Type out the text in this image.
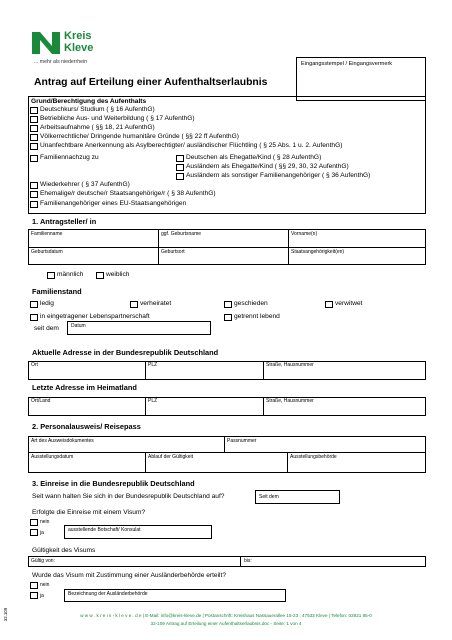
Kreis
Kleve
... mehr als niederrhein	Eingangsstempel / Eingangsvermerk
Antrag auf Erteilung einer Aufenthaltserlaubnis
Grund/Berechtigung des Aufenthalts
Deutschkurs/ Studium ( § 16 AufenthG)
Betriebliche Aus- und Weiterbildung ( § 17 AufenthG)
Arbeitsaufnahme ( §§ 18, 21 AufenthG)
Völkerrechtliche/ Dringende humanitäre Gründe ( §§ 22 ff AufenthG)
Unanfechtbare Anerkennung als Asylberechtigter/ ausländischer Flüchtling ( § 25 Abs. 1 u. 2. AufenthG)
Familiennachzug zu	Deutschen als Ehegatte/Kind ( § 28 AufenthG)
Ausländern als Ehegatte/Kind ( §§ 29, 30, 32 AufenthG)
Ausländern als sonstiger Familienangehöriger ( § 36 AufenthG)
Wiederkehrer ( § 37 AufenthG)
Ehemalige/r deutsche/r Staatsangehörige/r ( § 38 AufenthG)
Familienangehöriger eines EU-Staatsangehörigen
1. Antragsteller/ in
Familienname	ggf. Geburtsname	Vorname(n)
Geburtsdatum	Geburtsort	Staatsangehörigkeit(en)
männlich	weiblich
Familienstand
ledig	verheiratet	geschieden	verwitwet
in eingetragener Lebenspartnerschaft	getrennt lebend
seit dem Datum
Aktuelle Adresse in der Bundesrepublik Deutschland
Ort	PLZ	Straße, Hausnummer
Letzte Adresse im Heimatland
Ort/Land	PLZ	Straße, Hausnummer
2. Personalausweis/ Reisepass
Art des Ausweisdokumentes	Passnummer
Ausstellungsdatum	Ablauf der Gültigkeit	Ausstellungsbehörde
3. Einreise in die Bundesrepublik Deutschland
Seit wann halten Sie sich in der Bundesrepublik Deutschland auf?	Seit dem
Erfolgte die Einreise mit einem Visum?
nein
ja	ausstellende Botschaft/ Konsulat
Gültigkeit des Visums
Gültig von:	bis:
Wurde das Visum mit Zustimmung einer Ausländerbehörde erteilt?
nein
ja	Bezeichnung der Ausländerbehörde
32.109	w w w . k r e i s - k l e v e . d e | E-Mail: info@kreis-kleve.de | Postanschrift: Kreishaus Nassauerallee 15-23 , 47533 Kleve | Telefon: 02821 85-0
32-109 Antrag auf Erteilung einer Aufenthaltserlaubnis.doc - Seite: 1 von 4
